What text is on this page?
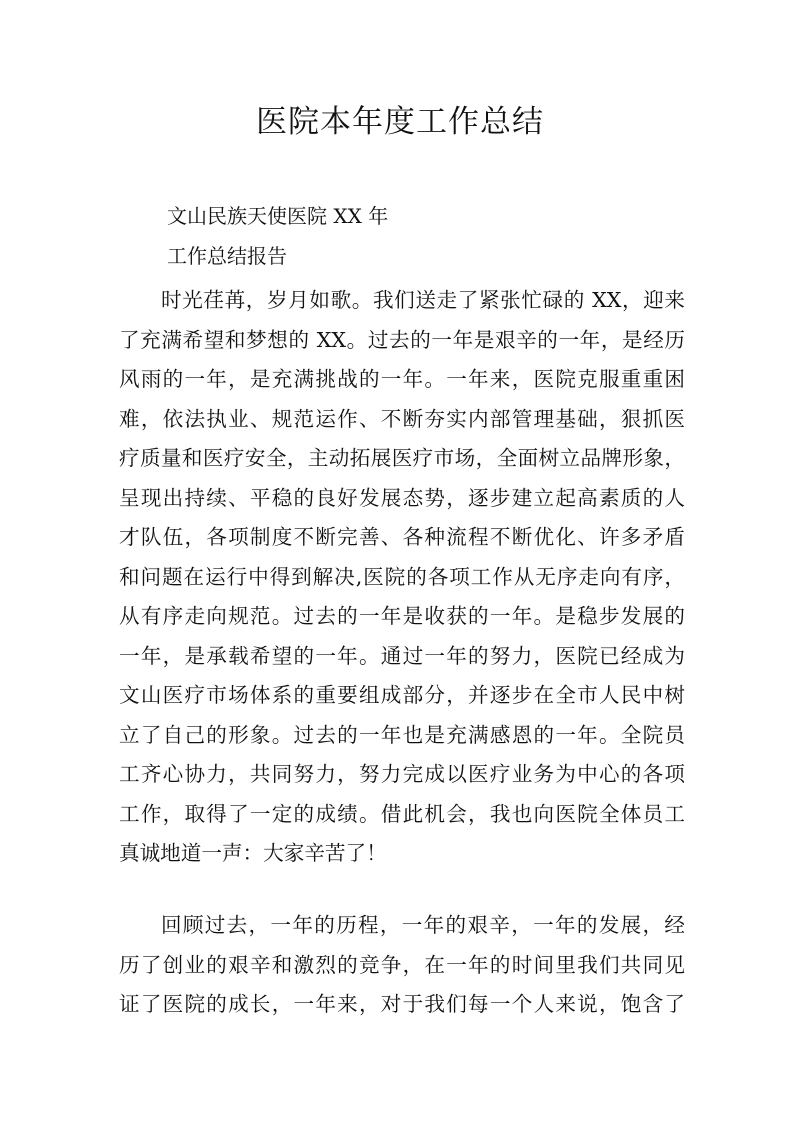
医院本年度工作总结
文山民族天使医院 XX 年
工作总结报告
时光荏苒，岁月如歌。我们送走了紧张忙碌的 XX，迎来
了充满希望和梦想的 XX。过去的一年是艰辛的一年，是经历
风雨的一年，是充满挑战的一年。一年来，医院克服重重困
难，依法执业、规范运作、不断夯实内部管理基础，狠抓医
疗质量和医疗安全，主动拓展医疗市场，全面树立品牌形象，
呈现出持续、平稳的良好发展态势，逐步建立起高素质的人
才队伍，各项制度不断完善、各种流程不断优化、许多矛盾
和问题在运行中得到解决,医院的各项工作从无序走向有序，
从有序走向规范。过去的一年是收获的一年。是稳步发展的
一年，是承载希望的一年。通过一年的努力，医院已经成为
文山医疗市场体系的重要组成部分，并逐步在全市人民中树
立了自己的形象。过去的一年也是充满感恩的一年。全院员
工齐心协力，共同努力，努力完成以医疗业务为中心的各项
工作，取得了一定的成绩。借此机会，我也向医院全体员工
真诚地道一声：大家辛苦了！
回顾过去，一年的历程，一年的艰辛，一年的发展，经
历了创业的艰辛和激烈的竞争，在一年的时间里我们共同见
证了医院的成长，一年来，对于我们每一个人来说，饱含了
